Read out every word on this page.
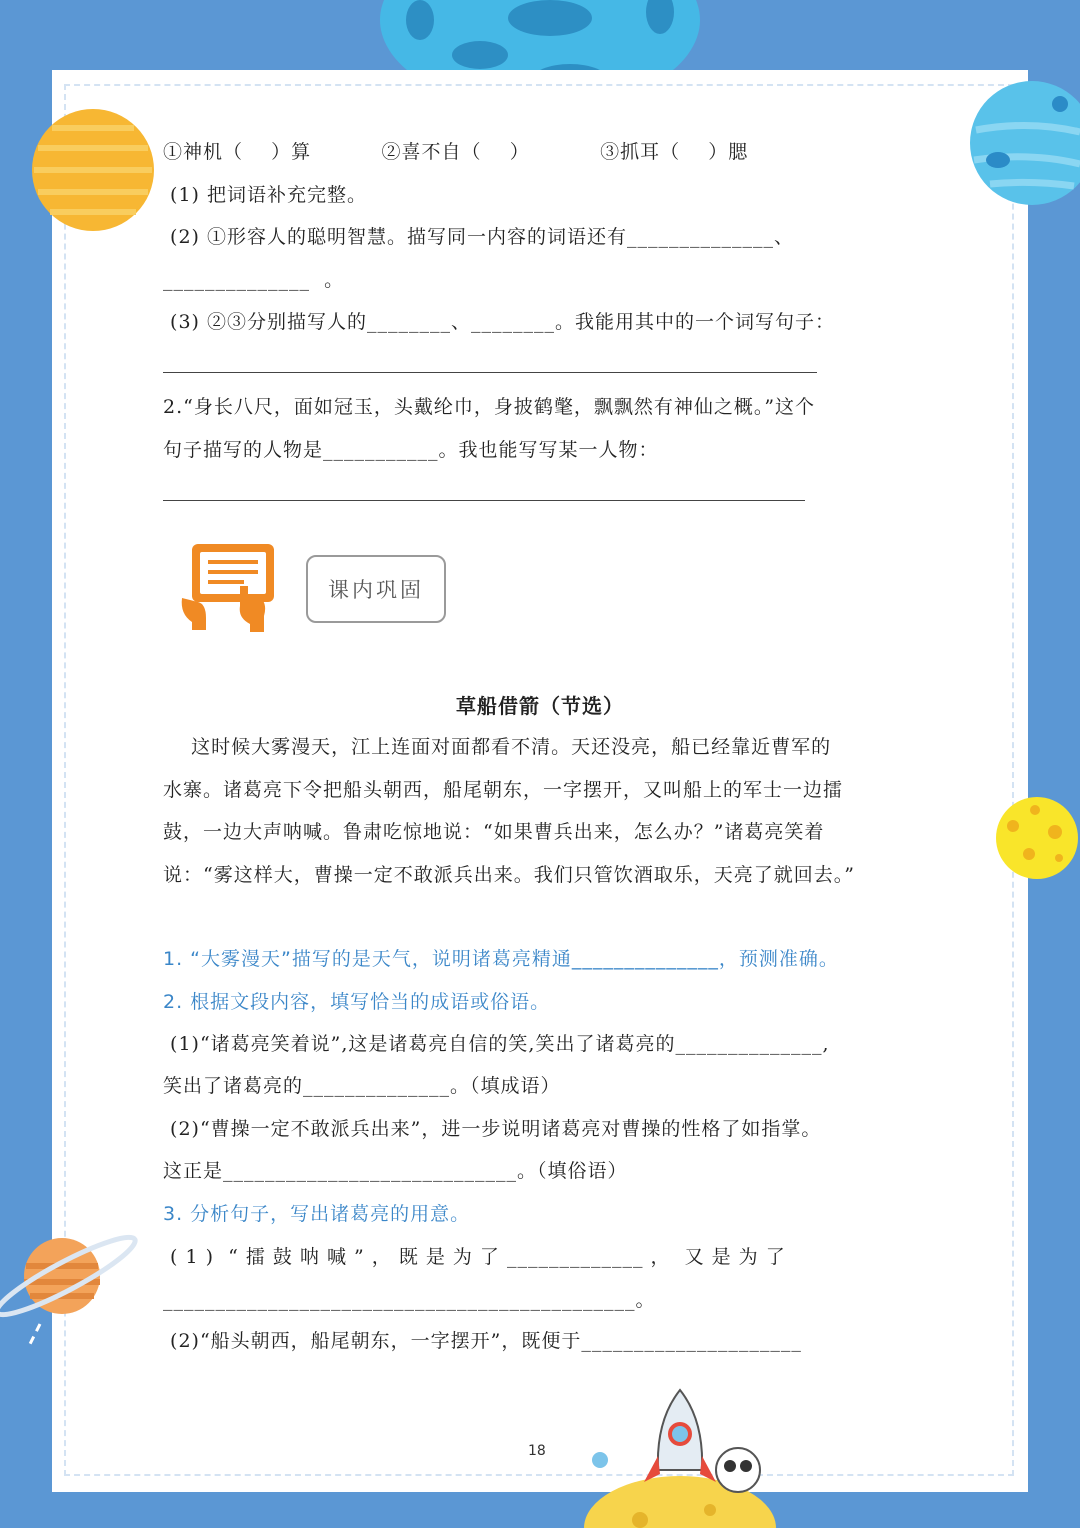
①神机（    ）算          ②喜不自（    ）          ③抓耳（    ）腮
(1) 把词语补充完整。
(2) ①形容人的聪明智慧。描写同一内容的词语还有______________、
______________  。
(3) ②③分别描写人的________、________。我能用其中的一个词写句子：
2.“身长八尺，面如冠玉，头戴纶巾，身披鹤氅，飘飘然有神仙之概。”这个
句子描写的人物是___________。我也能写写某一人物：
课内巩固
草船借箭（节选）
这时候大雾漫天，江上连面对面都看不清。天还没亮，船已经靠近曹军的
水寨。诸葛亮下令把船头朝西，船尾朝东，一字摆开，又叫船上的军士一边擂
鼓，一边大声呐喊。鲁肃吃惊地说：“如果曹兵出来，怎么办？”诸葛亮笑着
说：“雾这样大，曹操一定不敢派兵出来。我们只管饮酒取乐，天亮了就回去。”
1. “大雾漫天”描写的是天气，说明诸葛亮精通______________，预测准确。
2. 根据文段内容，填写恰当的成语或俗语。
(1)“诸葛亮笑着说”,这是诸葛亮自信的笑,笑出了诸葛亮的______________,
笑出了诸葛亮的______________。（填成语）
(2)“曹操一定不敢派兵出来”，进一步说明诸葛亮对曹操的性格了如指掌。
这正是____________________________。（填俗语）
3. 分析句子，写出诸葛亮的用意。
( 1 )  “ 擂 鼓 呐 喊 ” ， 既 是 为 了 _____________ ，  又 是 为 了
_____________________________________________。
(2)“船头朝西，船尾朝东，一字摆开”，既便于_____________________
18
